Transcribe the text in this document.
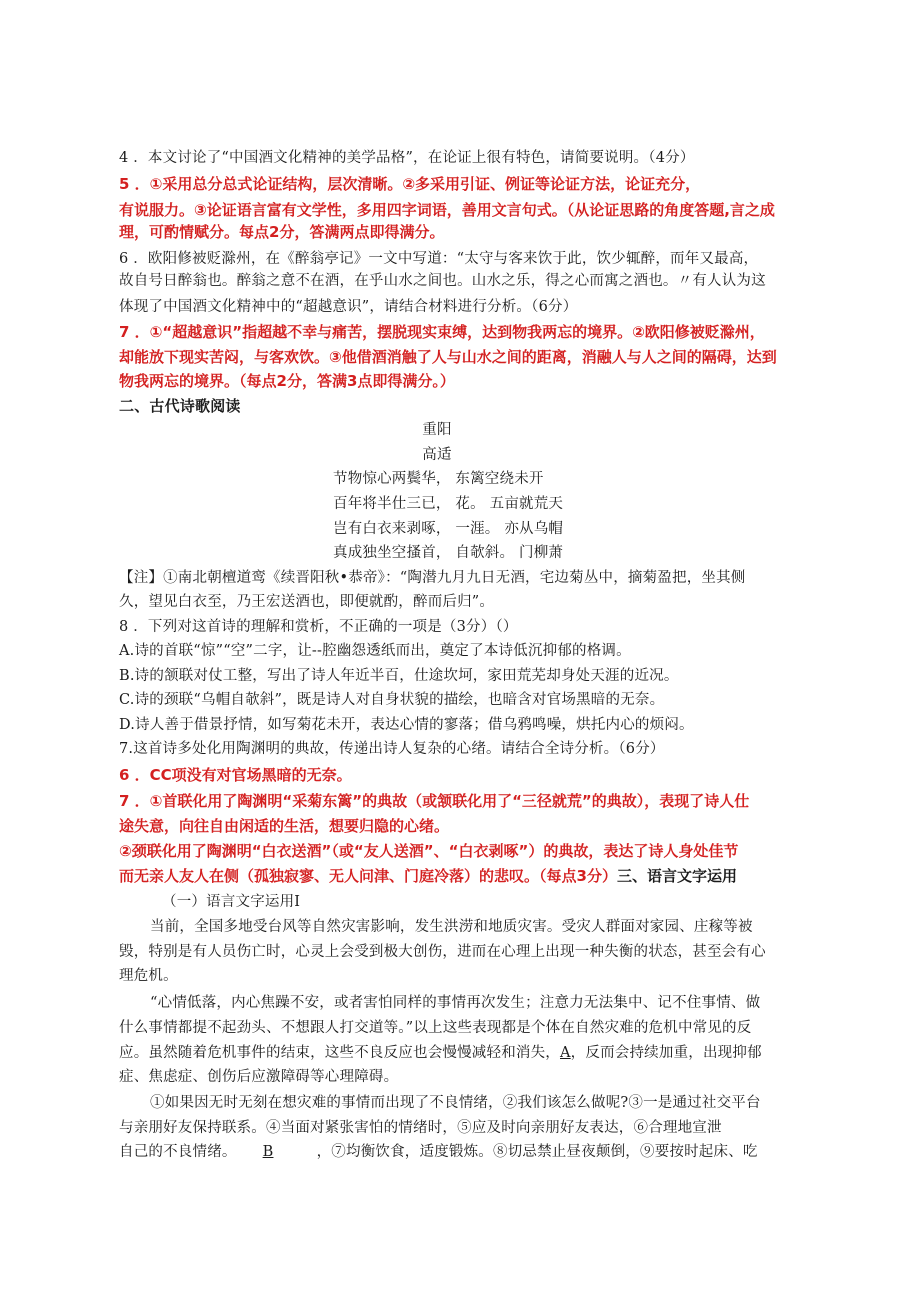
4 ．本文讨论了“中国酒文化精神的美学品格”，在论证上很有特色，请简要说明。（4分）
5 ．①采用总分总式论证结构，层次清晰。②多采用引证、例证等论证方法，论证充分，
有说服力。③论证语言富有文学性，多用四字词语，善用文言句式。（从论证思路的角度答题,言之成
理，可酌情赋分。每点2分，答满两点即得满分。
6 ．欧阳修被贬滁州，在《醉翁亭记》一文中写道：“太守与客来饮于此，饮少辄醉，而年又最高，
故自号日醉翁也。醉翁之意不在酒，在乎山水之间也。山水之乐，得之心而寓之酒也。〃有人认为这
体现了中国酒文化精神中的“超越意识”，请结合材料进行分析。（6分）
7 ．①“超越意识”指超越不幸与痛苦，摆脱现实束缚，达到物我两忘的境界。②欧阳修被贬滁州，
却能放下现实苦闷，与客欢饮。③他借酒消触了人与山水之间的距离，消融人与人之间的隔碍，达到
物我两忘的境界。（每点2分，答满3点即得满分。）
二、古代诗歌阅读
重阳
高适
节物惊心两鬓华， 东篱空绕未开
百年将半仕三已， 花。 五亩就荒天
岂有白衣来剥啄， 一涯。 亦从乌帽
真成独坐空搔首， 自欹斜。 门柳萧
【注】①南北朝檀道鸾《续晋阳秋•恭帝》：“陶潜九月九日无酒，宅边菊丛中，摘菊盈把，坐其侧
久，望见白衣至，乃王宏送酒也，即便就酌，醉而后归”。
8 ．下列对这首诗的理解和赏析，不正确的一项是（3分）（）
A.诗的首联“惊”“空”二字，让--腔幽怨透纸而出，奠定了本诗低沉抑郁的格调。
B.诗的颔联对仗工整，写出了诗人年近半百，仕途坎坷，家田荒芜却身处天涯的近况。
C.诗的颈联“乌帽自欹斜”，既是诗人对自身状貌的描绘，也暗含对官场黑暗的无奈。
D.诗人善于借景抒情，如写菊花未开，表达心情的寥落；借乌鸦鸣噪，烘托内心的烦闷。
7.这首诗多处化用陶渊明的典故，传递出诗人复杂的心绪。请结合全诗分析。（6分）
6 ．CC项没有对官场黑暗的无奈。
7 ．①首联化用了陶渊明“采菊东篱”的典故（或颔联化用了“三径就荒”的典故），表现了诗人仕
途失意，向往自由闲适的生活，想要归隐的心绪。
②颈联化用了陶渊明“白衣送酒”（或“友人送酒”、“白衣剥啄”）的典故，表达了诗人身处佳节
而无亲人友人在侧（孤独寂寥、无人问津、门庭冷落）的悲叹。（每点3分）三、语言文字运用
（一）语言文字运用Ⅰ
当前，全国多地受台风等自然灾害影响，发生洪涝和地质灾害。受灾人群面对家园、庄稼等被
毁，特别是有人员伤亡时，心灵上会受到极大创伤，进而在心理上出现一种失衡的状态，甚至会有心
理危机。
“心情低落，内心焦躁不安，或者害怕同样的事情再次发生；注意力无法集中、记不住事情、做
什么事情都提不起劲头、不想跟人打交道等。”以上这些表现都是个体在自然灾难的危机中常见的反
应。虽然随着危机事件的结束，这些不良反应也会慢慢减轻和消失，A，反而会持续加重，出现抑郁
症、焦虑症、创伤后应激障碍等心理障碍。
①如果因无时无刻在想灾难的事情而出现了不良情绪，②我们该怎么做呢?③一是通过社交平台
与亲朋好友保持联系。④当面对紧张害怕的情绪时，⑤应及时向亲朋好友表达，⑥合理地宣泄
自己的不良情绪。 B	，⑦均衡饮食，适度锻炼。⑧切忌禁止昼夜颠倒，⑨要按时起床、吃
